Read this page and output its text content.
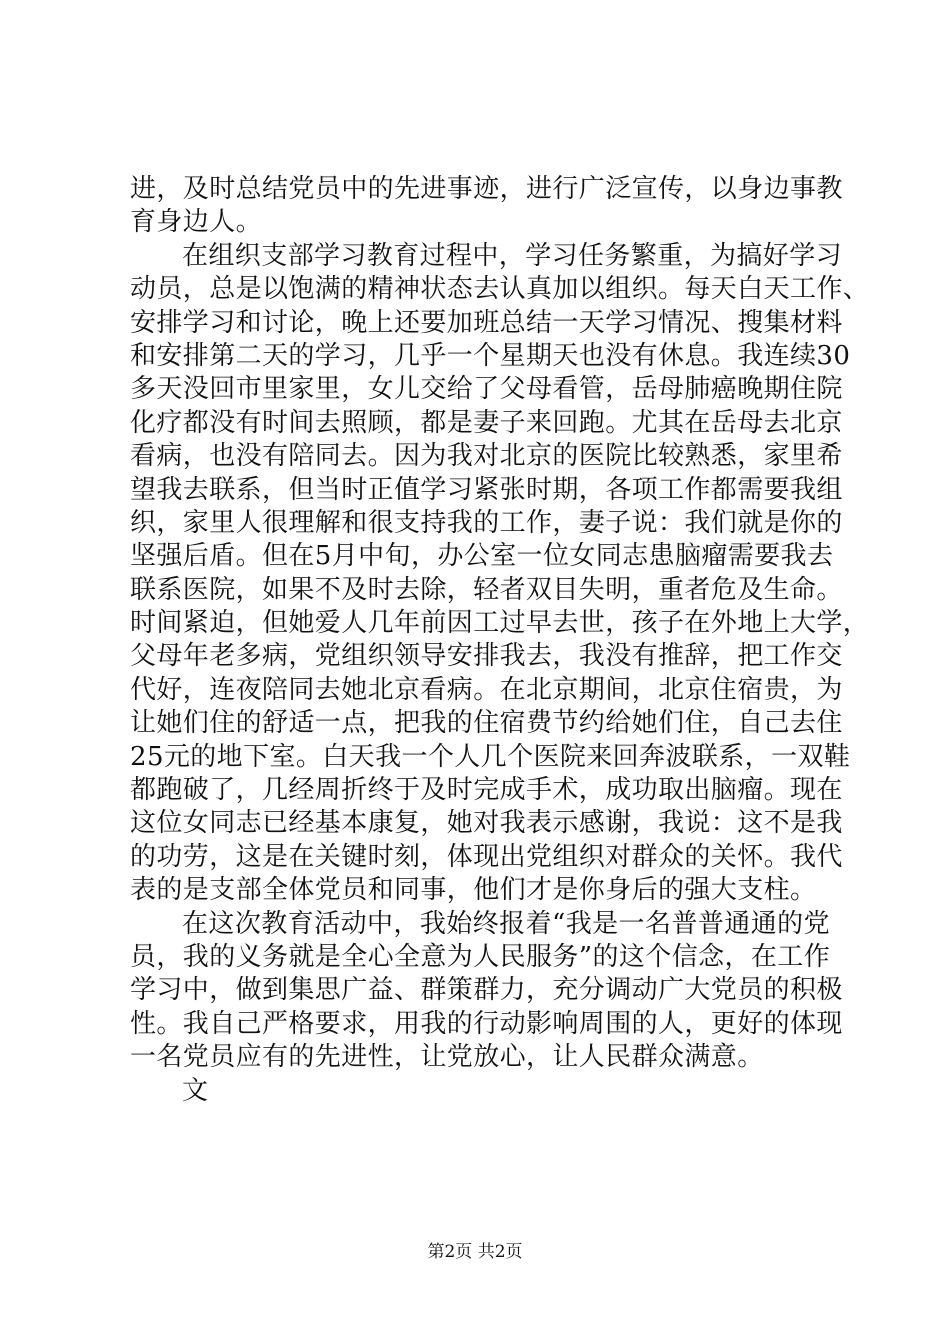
进，及时总结党员中的先进事迹，进行广泛宣传，以身边事教
育身边人。
在组织支部学习教育过程中，学习任务繁重，为搞好学习
动员，总是以饱满的精神状态去认真加以组织。每天白天工作、
安排学习和讨论，晚上还要加班总结一天学习情况、搜集材料
和安排第二天的学习，几乎一个星期天也没有休息。我连续30
多天没回市里家里，女儿交给了父母看管，岳母肺癌晚期住院
化疗都没有时间去照顾，都是妻子来回跑。尤其在岳母去北京
看病，也没有陪同去。因为我对北京的医院比较熟悉，家里希
望我去联系，但当时正值学习紧张时期，各项工作都需要我组
织，家里人很理解和很支持我的工作，妻子说：我们就是你的
坚强后盾。但在5月中旬，办公室一位女同志患脑瘤需要我去
联系医院，如果不及时去除，轻者双目失明，重者危及生命。
时间紧迫，但她爱人几年前因工过早去世，孩子在外地上大学，
父母年老多病，党组织领导安排我去，我没有推辞，把工作交
代好，连夜陪同去她北京看病。在北京期间，北京住宿贵，为
让她们住的舒适一点，把我的住宿费节约给她们住，自己去住
25元的地下室。白天我一个人几个医院来回奔波联系，一双鞋
都跑破了，几经周折终于及时完成手术，成功取出脑瘤。现在
这位女同志已经基本康复，她对我表示感谢，我说：这不是我
的功劳，这是在关键时刻，体现出党组织对群众的关怀。我代
表的是支部全体党员和同事，他们才是你身后的强大支柱。
在这次教育活动中，我始终报着“我是一名普普通通的党
员，我的义务就是全心全意为人民服务”的这个信念，在工作
学习中，做到集思广益、群策群力，充分调动广大党员的积极
性。我自己严格要求，用我的行动影响周围的人，更好的体现
一名党员应有的先进性，让党放心，让人民群众满意。
文
第2页 共2页
